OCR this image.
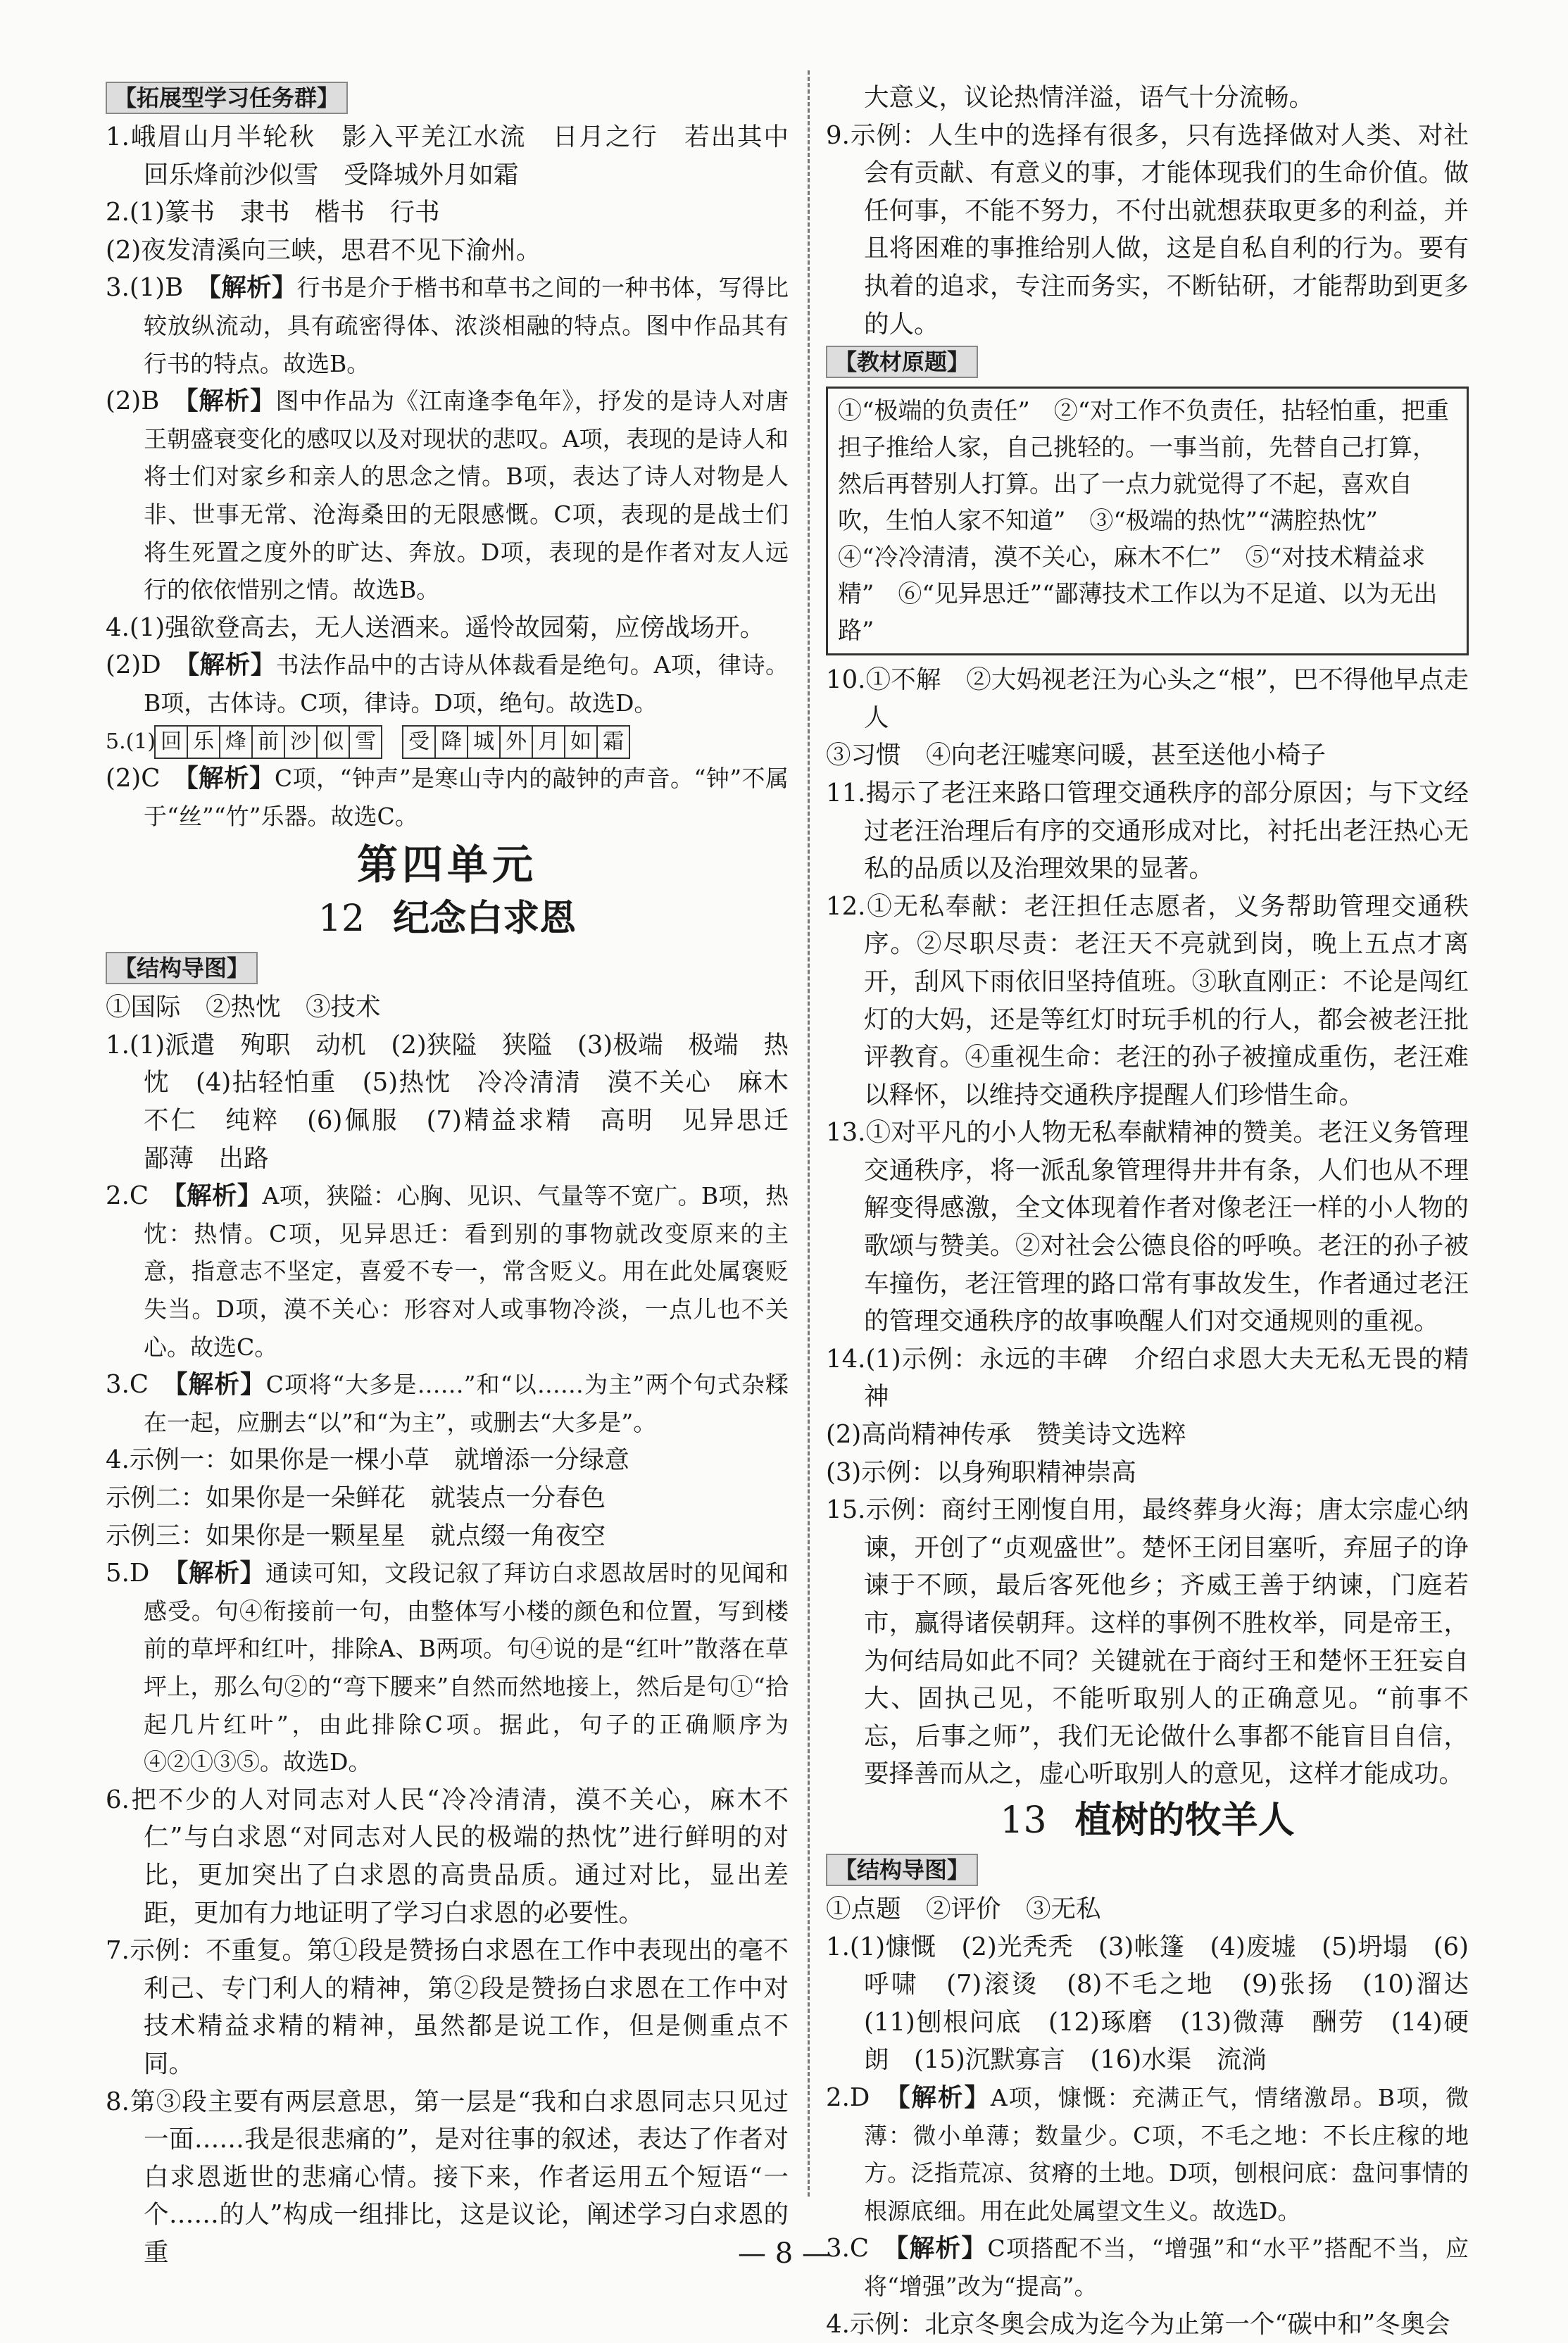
【 拓展型学习任务群 】

1.峨眉山月半轮秋　影入平羌江水流　日月之行　若出其中　回乐烽前沙似雪　受降城外月如霜

2.(1)篆书　隶书　楷书　行书

(2)夜发清溪向三峡，思君不见下渝州。

3.(1)B　【解析】行书是介于楷书和草书之间的一种书体，写得比较放纵流动，具有疏密得体、浓淡相融的特点。图中作品其有行书的特点。故选B。

(2)B　【解析】图中作品为《江南逢李龟年》，抒发的是诗人对唐王朝盛衰变化的感叹以及对现状的悲叹。A项，表现的是诗人和将士们对家乡和亲人的思念之情。B项，表达了诗人对物是人非、世事无常、沧海桑田的无限感慨。C项，表现的是战士们将生死置之度外的旷达、奔放。D项，表现的是作者对友人远行的依依惜别之情。故选B。

4.(1)强欲登高去，无人送酒来。遥怜故园菊，应傍战场开。

(2)D　【解析】书法作品中的古诗从体裁看是绝句。A项，律诗。B项，古体诗。C项，律诗。D项，绝句。故选D。

5.(1) 回 乐 烽 前 沙 似 雪 受 降 城 外 月 如 霜

(2)C　【解析】C项，“钟声”是寒山寺内的敲钟的声音。“钟”不属于“丝”“竹”乐器。故选C。

第四单元
12 纪念白求恩
【 结构导图 】

①国际　②热忱　③技术

1.(1)派遣　殉职　动机　(2)狭隘　狭隘　(3)极端　极端　热忱　(4)拈轻怕重　(5)热忱　冷冷清清　漠不关心　麻木不仁　纯粹　(6)佩服　(7)精益求精　高明　见异思迁　鄙薄　出路

2.C　【解析】A项，狭隘：心胸、见识、气量等不宽广。B项，热忱：热情。C项，见异思迁：看到别的事物就改变原来的主意，指意志不坚定，喜爱不专一，常含贬义。用在此处属褒贬失当。D项，漠不关心：形容对人或事物冷淡，一点儿也不关心。故选C。

3.C　【解析】C项将“大多是……”和“以……为主”两个句式杂糅在一起，应删去“以”和“为主”，或删去“大多是”。

4.示例一：如果你是一棵小草　就增添一分绿意

示例二：如果你是一朵鲜花　就装点一分春色

示例三：如果你是一颗星星　就点缀一角夜空

5.D　【解析】通读可知，文段记叙了拜访白求恩故居时的见闻和感受。句④衔接前一句，由整体写小楼的颜色和位置，写到楼前的草坪和红叶，排除A、B两项。句④说的是“红叶”散落在草坪上，那么句②的“弯下腰来”自然而然地接上，然后是句①“拾起几片红叶”，由此排除C项。据此，句子的正确顺序为④②①③⑤。故选D。

6.把不少的人对同志对人民“冷冷清清，漠不关心，麻木不仁”与白求恩“对同志对人民的极端的热忱”进行鲜明的对比，更加突出了白求恩的高贵品质。通过对比，显出差距，更加有力地证明了学习白求恩的必要性。

7.示例：不重复。第①段是赞扬白求恩在工作中表现出的毫不利己、专门利人的精神，第②段是赞扬白求恩在工作中对技术精益求精的精神，虽然都是说工作，但是侧重点不同。

8.第③段主要有两层意思，第一层是“我和白求恩同志只见过一面……我是很悲痛的”，是对往事的叙述，表达了作者对白求恩逝世的悲痛心情。接下来，作者运用五个短语“一个……的人”构成一组排比，这是议论，阐述学习白求恩的重

大意义，议论热情洋溢，语气十分流畅。

9.示例：人生中的选择有很多，只有选择做对人类、对社会有贡献、有意义的事，才能体现我们的生命价值。做任何事，不能不努力，不付出就想获取更多的利益，并且将困难的事推给别人做，这是自私自利的行为。要有执着的追求，专注而务实，不断钻研，才能帮助到更多的人。

【 教材原题 】
①“极端的负责任”　②“对工作不负责任，拈轻怕重，把重担子推给人家，自己挑轻的。一事当前，先替自己打算，然后再替别人打算。出了一点力就觉得了不起，喜欢自吹，生怕人家不知道”　③“极端的热忱”“满腔热忱”　④“冷冷清清，漠不关心，麻木不仁”　⑤“对技术精益求精”　⑥“见异思迁”“鄙薄技术工作以为不足道、以为无出路”

10.①不解　②大妈视老汪为心头之“根”，巴不得他早点走人

③习惯　④向老汪嘘寒问暖，甚至送他小椅子

11.揭示了老汪来路口管理交通秩序的部分原因；与下文经过老汪治理后有序的交通形成对比，衬托出老汪热心无私的品质以及治理效果的显著。

12.①无私奉献：老汪担任志愿者，义务帮助管理交通秩序。②尽职尽责：老汪天不亮就到岗，晚上五点才离开，刮风下雨依旧坚持值班。③耿直刚正：不论是闯红灯的大妈，还是等红灯时玩手机的行人，都会被老汪批评教育。④重视生命：老汪的孙子被撞成重伤，老汪难以释怀，以维持交通秩序提醒人们珍惜生命。

13.①对平凡的小人物无私奉献精神的赞美。老汪义务管理交通秩序，将一派乱象管理得井井有条，人们也从不理解变得感激，全文体现着作者对像老汪一样的小人物的歌颂与赞美。②对社会公德良俗的呼唤。老汪的孙子被车撞伤，老汪管理的路口常有事故发生，作者通过老汪的管理交通秩序的故事唤醒人们对交通规则的重视。

14.(1)示例：永远的丰碑　介绍白求恩大夫无私无畏的精神

(2)高尚精神传承　赞美诗文选粹

(3)示例：以身殉职精神崇高

15.示例：商纣王刚愎自用，最终葬身火海；唐太宗虚心纳谏，开创了“贞观盛世”。楚怀王闭目塞听，弃屈子的诤谏于不顾，最后客死他乡；齐威王善于纳谏，门庭若市，赢得诸侯朝拜。这样的事例不胜枚举，同是帝王，为何结局如此不同？关键就在于商纣王和楚怀王狂妄自大、固执己见，不能听取别人的正确意见。“前事不忘，后事之师”，我们无论做什么事都不能盲目自信，要择善而从之，虚心听取别人的意见，这样才能成功。

13 植树的牧羊人
【 结构导图 】

①点题　②评价　③无私

1.(1)慷慨　(2)光秃秃　(3)帐篷　(4)废墟　(5)坍塌　(6)呼啸　(7)滚烫　(8)不毛之地　(9)张扬　(10)溜达　(11)刨根问底　(12)琢磨　(13)微薄　酬劳　(14)硬朗　(15)沉默寡言　(16)水渠　流淌

2.D　【解析】A项，慷慨：充满正气，情绪激昂。B项，微薄：微小单薄；数量少。C项，不毛之地：不长庄稼的地方。泛指荒凉、贫瘠的土地。D项，刨根问底：盘问事情的根源底细。用在此处属望文生义。故选D。

3.C　【解析】C项搭配不当，“增强”和“水平”搭配不当，应将“增强”改为“提高”。

4.示例：北京冬奥会成为迄今为止第一个“碳中和”冬奥会

— 8 —
